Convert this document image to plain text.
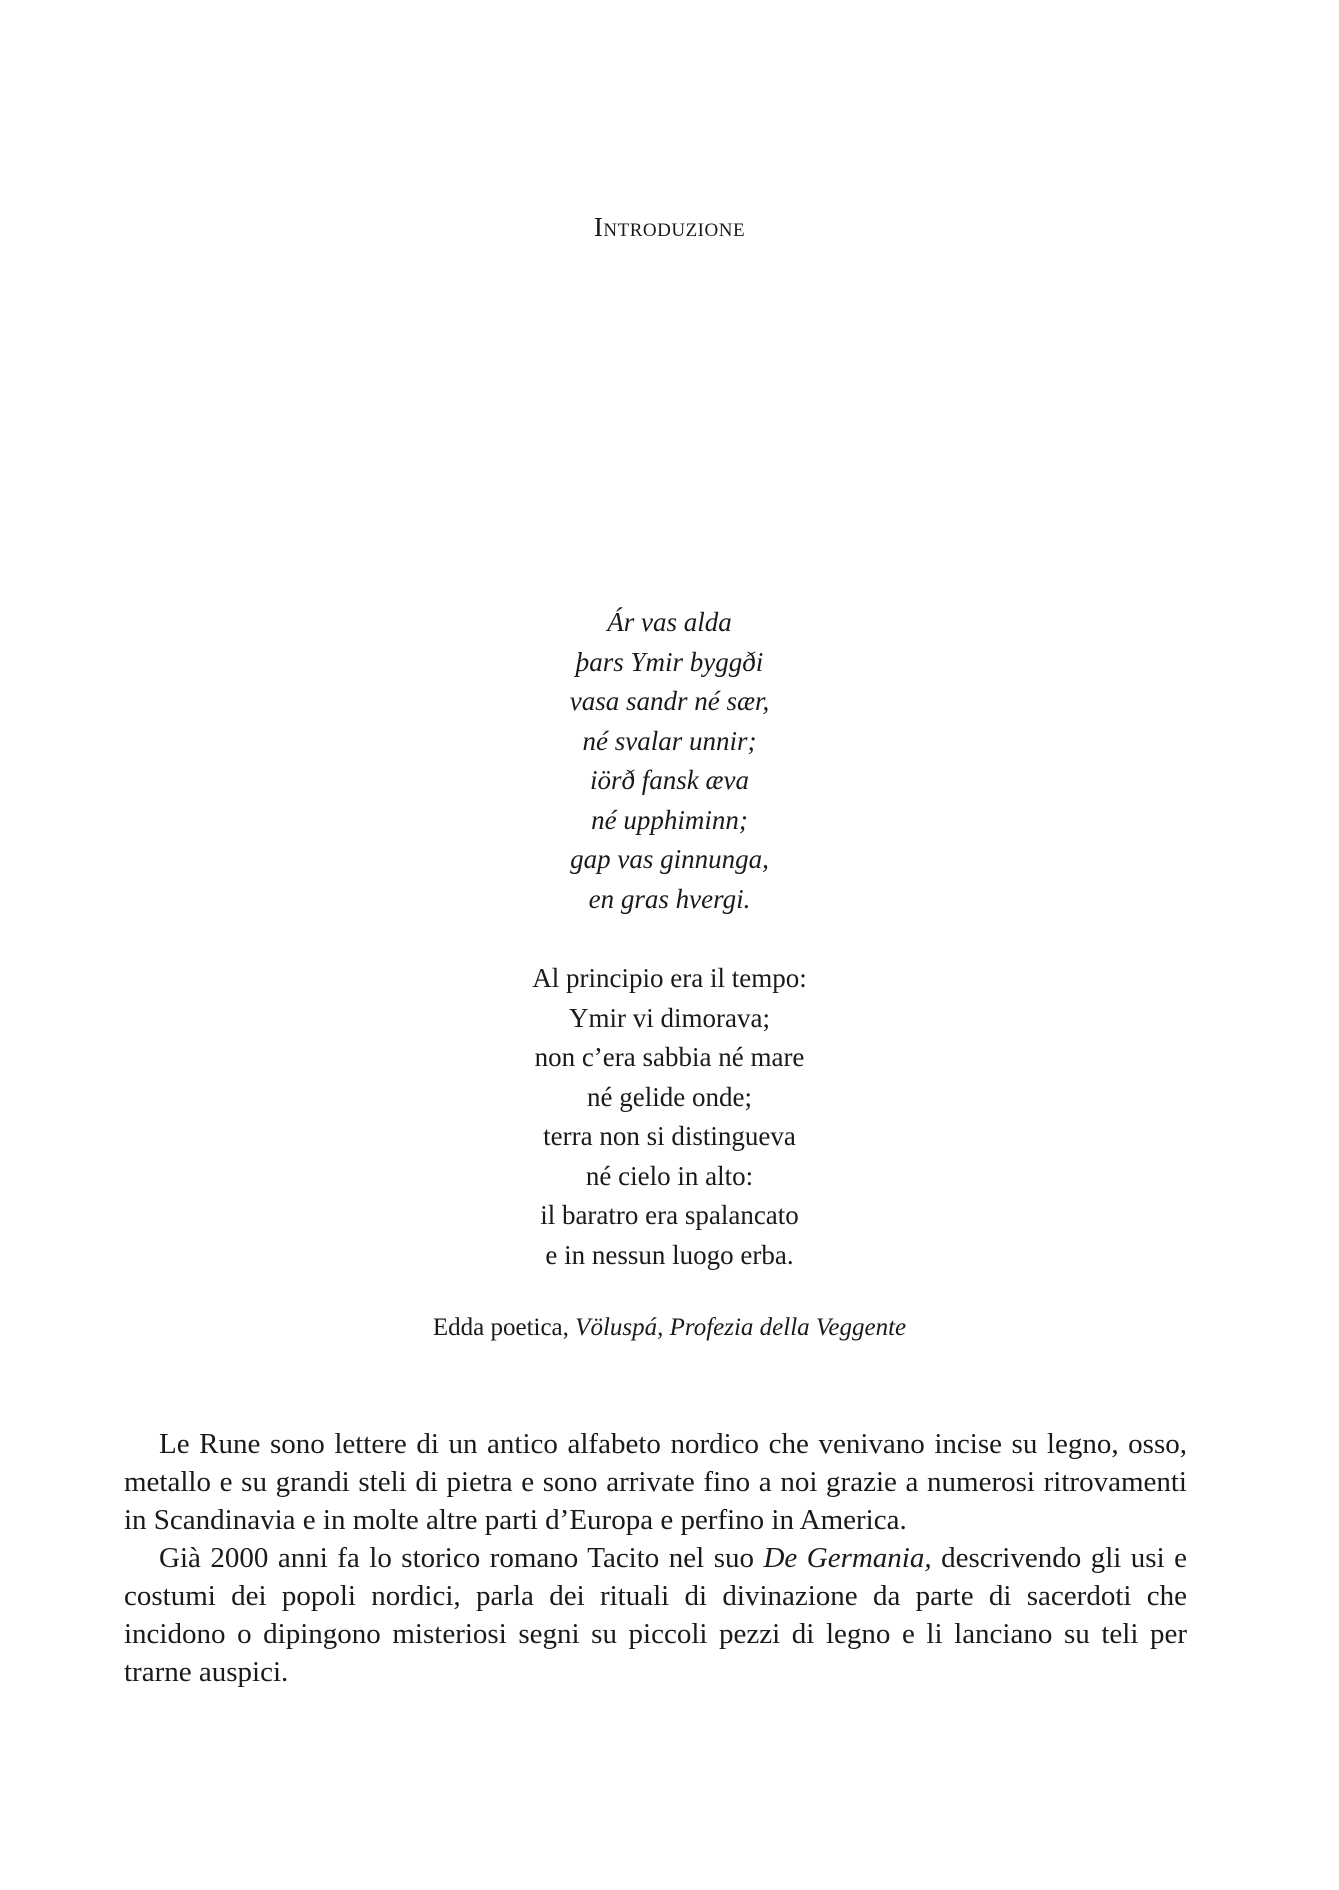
Introduzione
Ár vas alda
þars Ymir byggði
vasa sandr né sær,
né svalar unnir;
iörð fansk æva
né upphiminn;
gap vas ginnunga,
en gras hvergi.
Al principio era il tempo:
Ymir vi dimorava;
non c’era sabbia né mare
né gelide onde;
terra non si distingueva
né cielo in alto:
il baratro era spalancato
e in nessun luogo erba.

Edda poetica, Völuspá, Profezia della Veggente

Le Rune sono lettere di un antico alfabeto nordico che venivano incise su legno, osso, metallo e su grandi steli di pietra e sono arrivate fino a noi grazie a numerosi ritrovamenti in Scandinavia e in molte altre parti d’Europa e perfino in America.

Già 2000 anni fa lo storico romano Tacito nel suo De Germania, descrivendo gli usi e costumi dei popoli nordici, parla dei rituali di divinazione da parte di sacerdoti che incidono o dipingono misteriosi segni su piccoli pezzi di legno e li lanciano su teli per trarne auspici.
